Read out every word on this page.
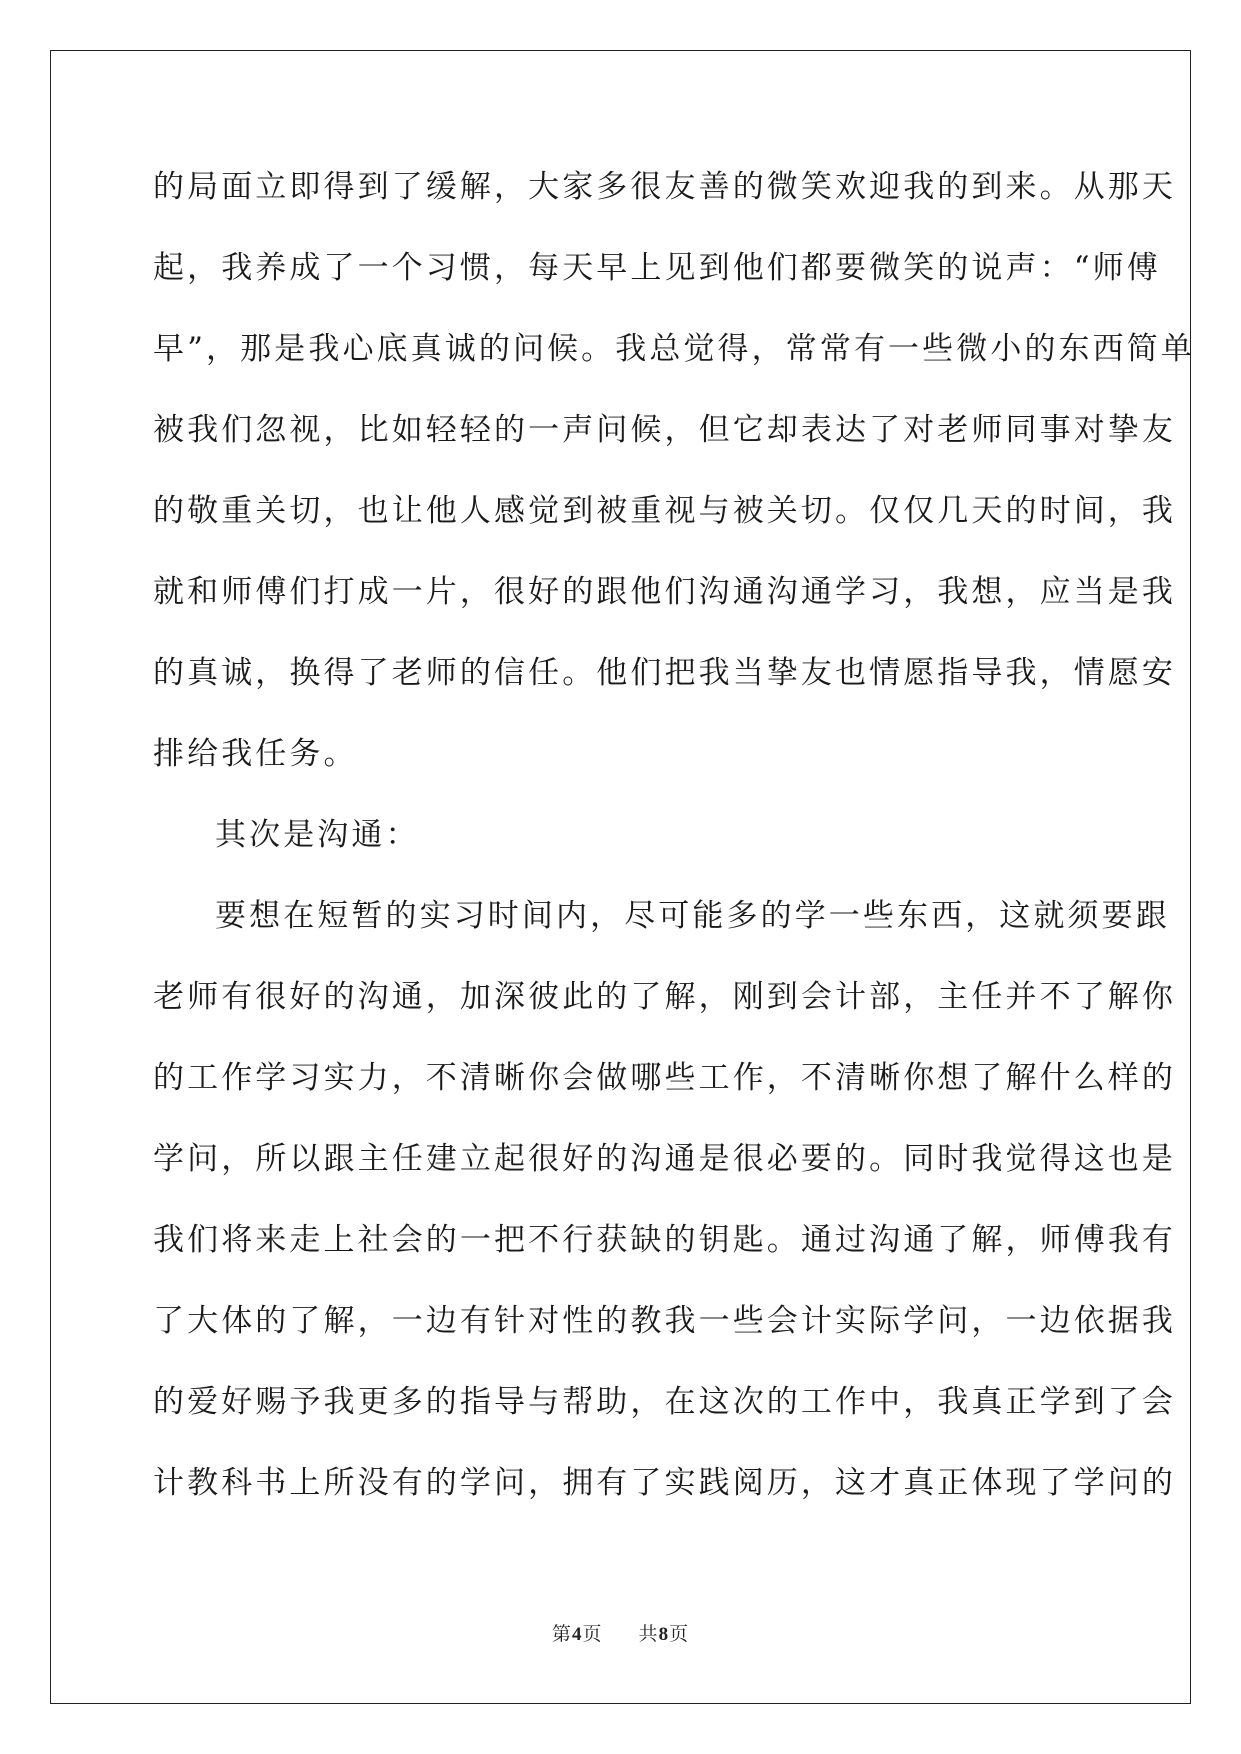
的局面立即得到了缓解，大家多很友善的微笑欢迎我的到来。从那天
起，我养成了一个习惯，每天早上见到他们都要微笑的说声：“师傅
早”，那是我心底真诚的问候。我总觉得，常常有一些微小的东西简单
被我们忽视，比如轻轻的一声问候，但它却表达了对老师同事对挚友
的敬重关切，也让他人感觉到被重视与被关切。仅仅几天的时间，我
就和师傅们打成一片，很好的跟他们沟通沟通学习，我想，应当是我
的真诚，换得了老师的信任。他们把我当挚友也情愿指导我，情愿安
排给我任务。
其次是沟通：
要想在短暂的实习时间内，尽可能多的学一些东西，这就须要跟
老师有很好的沟通，加深彼此的了解，刚到会计部，主任并不了解你
的工作学习实力，不清晰你会做哪些工作，不清晰你想了解什么样的
学问，所以跟主任建立起很好的沟通是很必要的。同时我觉得这也是
我们将来走上社会的一把不行获缺的钥匙。通过沟通了解，师傅我有
了大体的了解，一边有针对性的教我一些会计实际学问，一边依据我
的爱好赐予我更多的指导与帮助，在这次的工作中，我真正学到了会
计教科书上所没有的学问，拥有了实践阅历，这才真正体现了学问的
第4页 共8页
